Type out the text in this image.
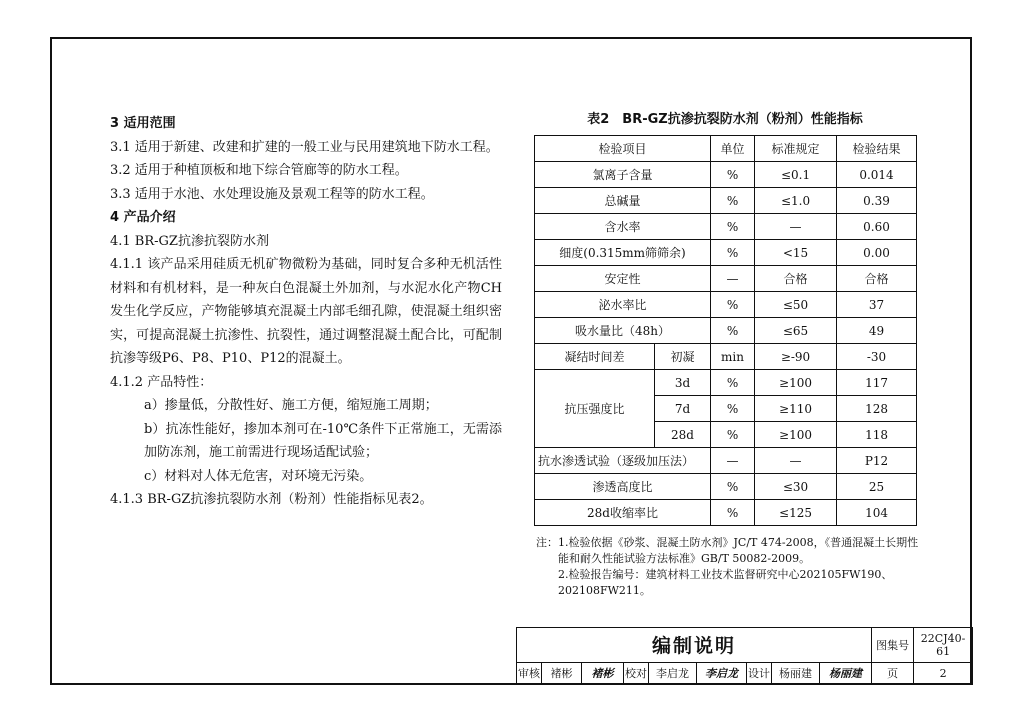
3 适用范围

3.1 适用于新建、改建和扩建的一般工业与民用建筑地下防水工程。

3.2 适用于种植顶板和地下综合管廊等的防水工程。

3.3 适用于水池、水处理设施及景观工程等的防水工程。

4 产品介绍

4.1 BR-GZ抗渗抗裂防水剂

4.1.1 该产品采用硅质无机矿物微粉为基础，同时复合多种无机活性材料和有机材料，是一种灰白色混凝土外加剂，与水泥水化产物CH发生化学反应，产物能够填充混凝土内部毛细孔隙，使混凝土组织密实，可提高混凝土抗渗性、抗裂性，通过调整混凝土配合比，可配制抗渗等级P6、P8、P10、P12的混凝土。

4.1.2 产品特性：

a）掺量低，分散性好、施工方便，缩短施工周期；

b）抗冻性能好，掺加本剂可在-10℃条件下正常施工，无需添加防冻剂，施工前需进行现场适配试验；

c）材料对人体无危害，对环境无污染。

4.1.3 BR-GZ抗渗抗裂防水剂（粉剂）性能指标见表2。

表2　BR-GZ抗渗抗裂防水剂（粉剂）性能指标
检验项目		单位	标准规定	检验结果
氯离子含量		%	≤0.1	0.014
总碱量		%	≤1.0	0.39
含水率		%	—	0.60
细度(0.315mm筛筛余)		%	<15	0.00
安定性		—	合格	合格
泌水率比		%	≤50	37
吸水量比（48h）		%	≤65	49
凝结时间差	初凝	min	≥-90	-30
抗压强度比	3d	%	≥100	117
	7d	%	≥110	128
	28d	%	≥100	118
抗水渗透试验（逐级加压法）		—	—	P12
渗透高度比		%	≤30	25
28d收缩率比		%	≤125	104
注： 1.检验依据《砂浆、混凝土防水剂》JC/T 474-2008，《普通混凝土长期性能和耐久性能试验方法标准》GB/T 50082-2009。
2.检验报告编号：建筑材料工业技术监督研究中心202105FW190、202108FW211。
编制说明									图集号	22CJ40-61
审核	褚彬	褚彬	校对	李启龙	李启龙	设计	杨丽建	杨丽建	页	2
